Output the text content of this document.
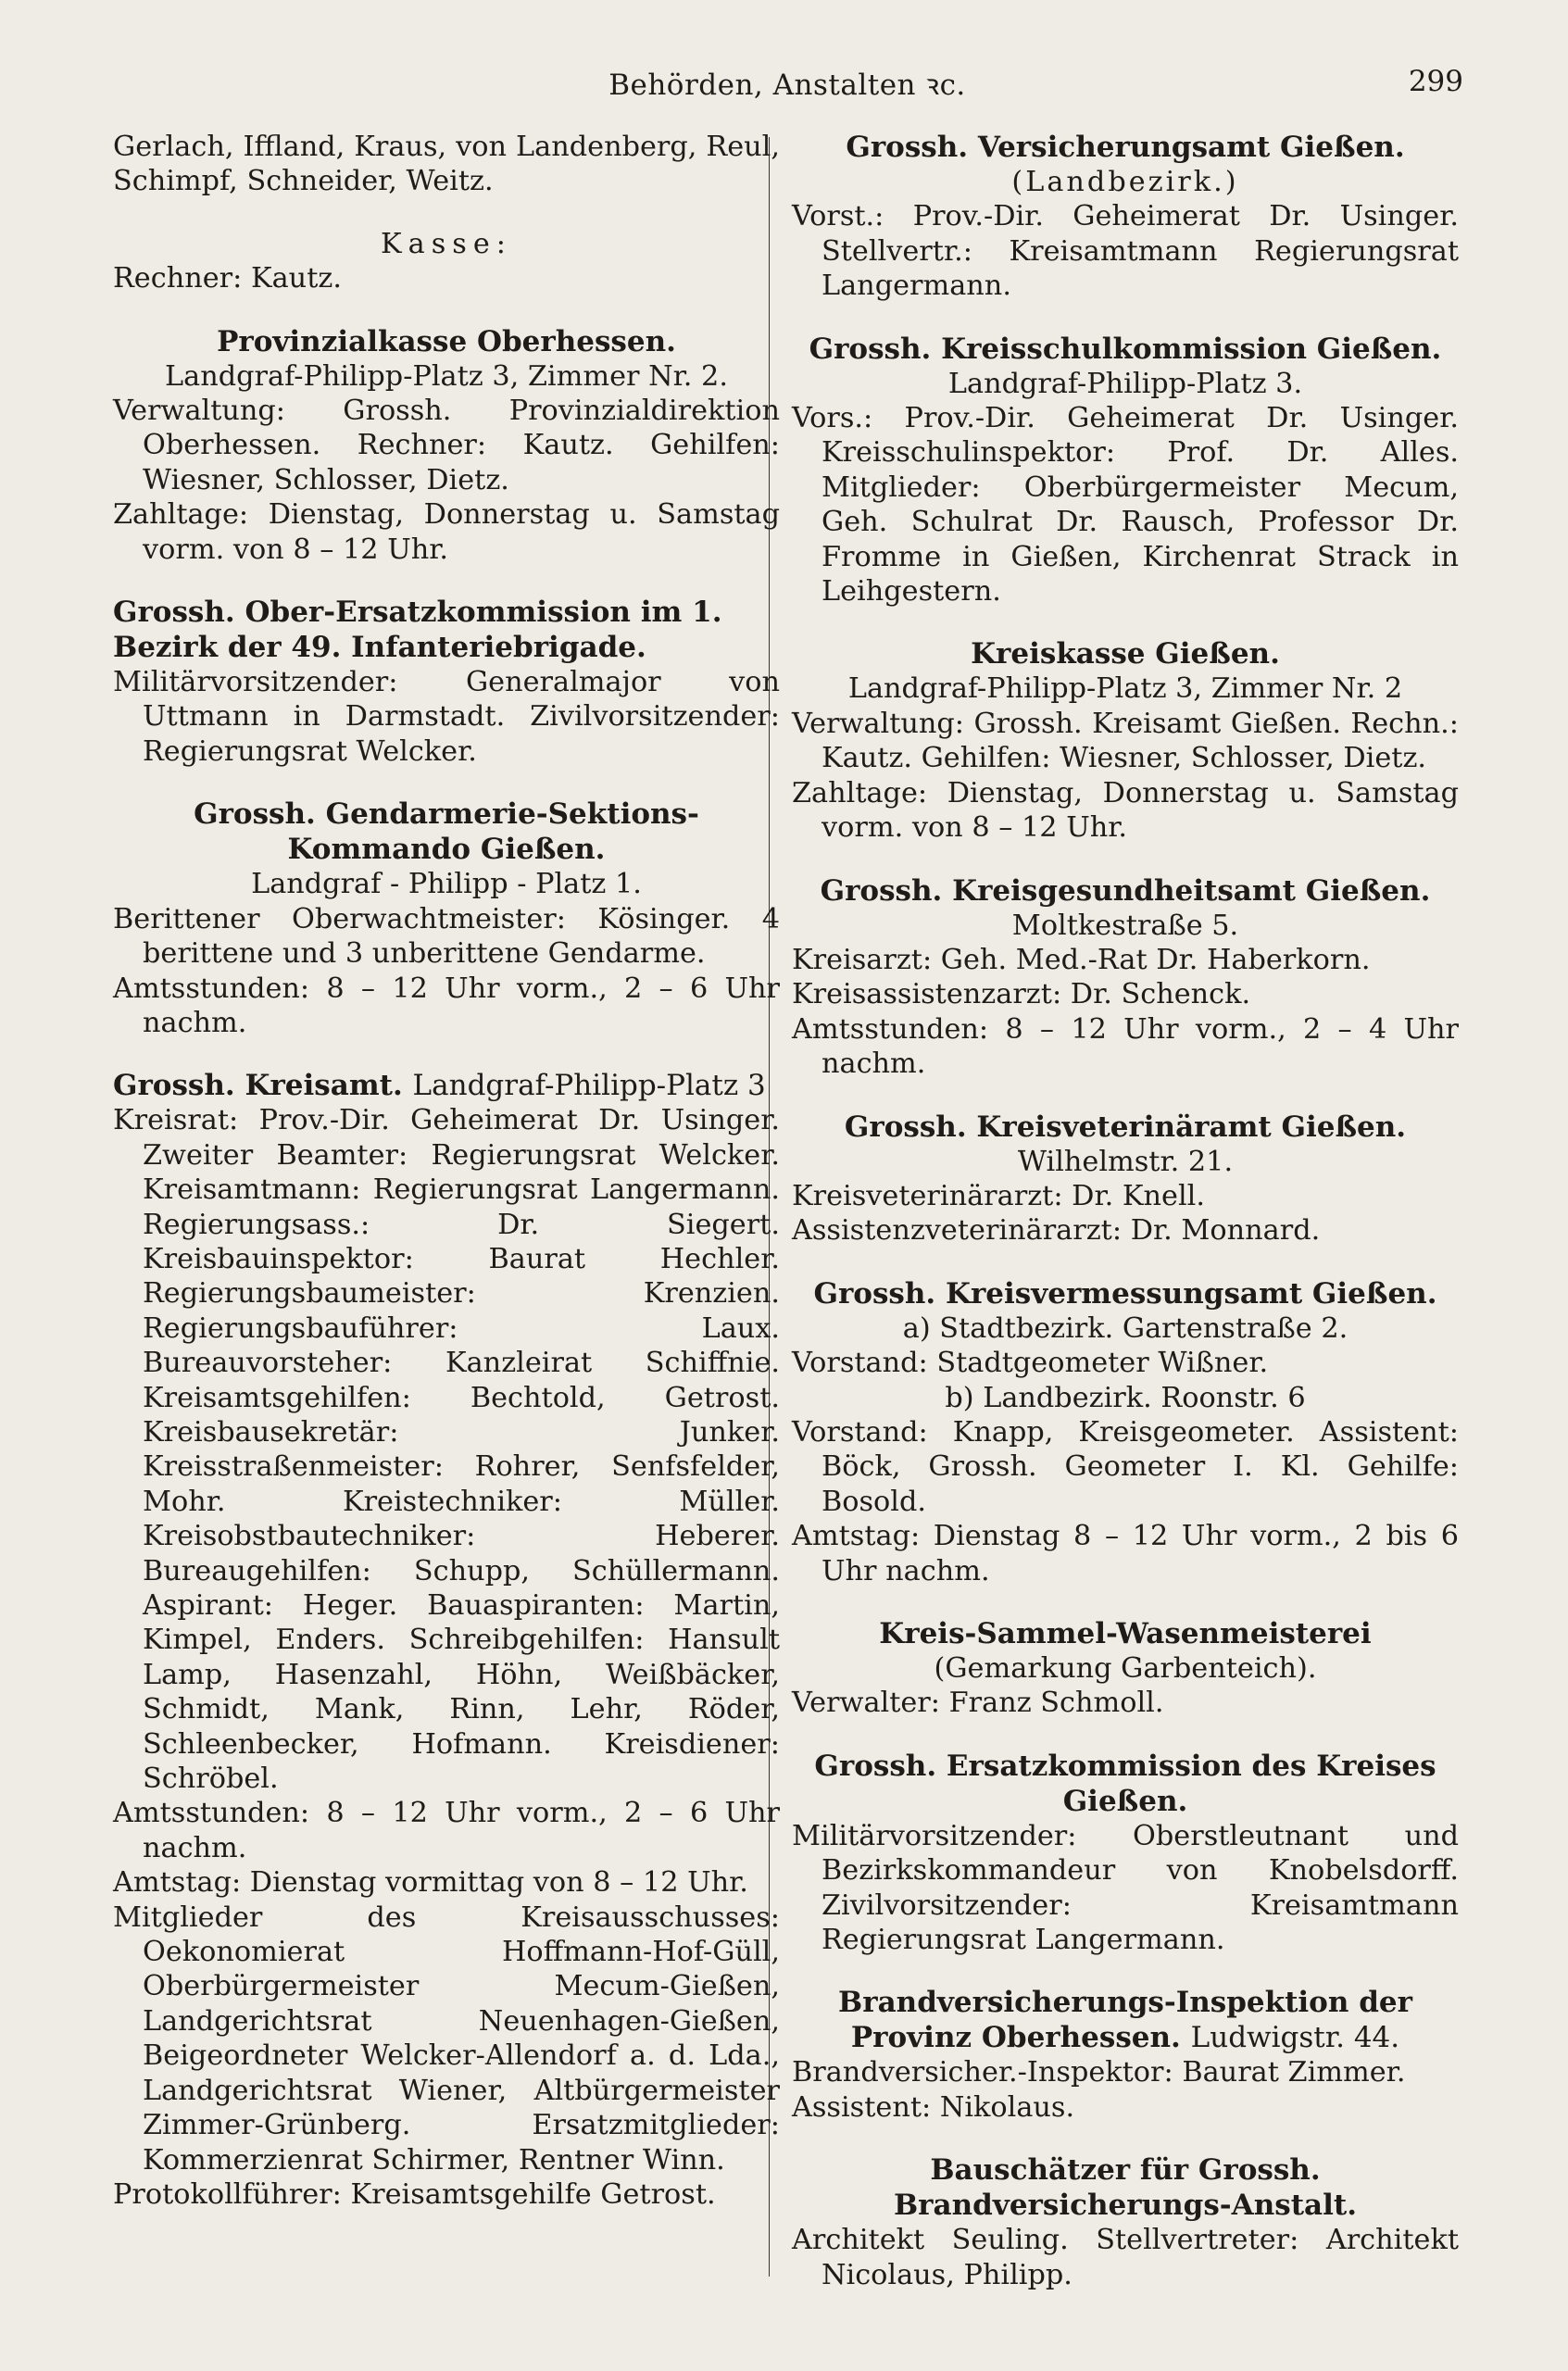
Behörden, Anstalten ꝛc.	299

Gerlach, Iffland, Kraus, von Landenberg, Reul, Schimpf, Schneider, Weitz.

Kasse:

Rechner: Kautz.

Provinzialkasse Oberhessen.

Landgraf-Philipp-Platz 3, Zimmer Nr. 2.

Verwaltung: Grossh. Provinzialdirektion Oberhessen. Rechner: Kautz. Gehilfen: Wiesner, Schlosser, Dietz.

Zahltage: Dienstag, Donnerstag u. Samstag vorm. von 8 – 12 Uhr.

Grossh. Ober-Ersatzkommission im 1. Bezirk der 49. Infanteriebrigade.

Militärvorsitzender: Generalmajor von Uttmann in Darmstadt. Zivilvorsitzender: Regierungsrat Welcker.

Grossh. Gendarmerie-Sektions-Kommando Gießen.

Landgraf - Philipp - Platz 1.

Berittener Oberwachtmeister: Kösinger. 4 berittene und 3 unberittene Gendarme.

Amtsstunden: 8 – 12 Uhr vorm., 2 – 6 Uhr nachm.

Grossh. Kreisamt. Landgraf-Philipp-Platz 3

Kreisrat: Prov.-Dir. Geheimerat Dr. Usinger. Zweiter Beamter: Regierungsrat Welcker. Kreisamtmann: Regierungsrat Langermann. Regierungsass.: Dr. Siegert. Kreisbauinspektor: Baurat Hechler. Regierungsbaumeister: Krenzien. Regierungsbauführer: Laux. Bureauvorsteher: Kanzleirat Schiffnie. Kreisamtsgehilfen: Bechtold, Getrost. Kreisbausekretär: Junker. Kreisstraßenmeister: Rohrer, Senfsfelder, Mohr. Kreistechniker: Müller. Kreisobstbautechniker: Heberer. Bureaugehilfen: Schupp, Schüllermann. Aspirant: Heger. Bauaspiranten: Martin, Kimpel, Enders. Schreibgehilfen: Hansult Lamp, Hasenzahl, Höhn, Weißbäcker, Schmidt, Mank, Rinn, Lehr, Röder, Schleenbecker, Hofmann. Kreisdiener: Schröbel.

Amtsstunden: 8 – 12 Uhr vorm., 2 – 6 Uhr nachm.

Amtstag: Dienstag vormittag von 8 – 12 Uhr.

Mitglieder des Kreisausschusses: Oekonomierat Hoffmann-Hof-Güll, Oberbürgermeister Mecum-Gießen, Landgerichtsrat Neuenhagen-Gießen, Beigeordneter Welcker-Allendorf a. d. Lda., Landgerichtsrat Wiener, Altbürgermeister Zimmer-Grünberg. Ersatzmitglieder: Kommerzienrat Schirmer, Rentner Winn.

Protokollführer: Kreisamtsgehilfe Getrost.

Grossh. Versicherungsamt Gießen.

(Landbezirk.)

Vorst.: Prov.-Dir. Geheimerat Dr. Usinger. Stellvertr.: Kreisamtmann Regierungsrat Langermann.

Grossh. Kreisschulkommission Gießen.

Landgraf-Philipp-Platz 3.

Vors.: Prov.-Dir. Geheimerat Dr. Usinger. Kreisschulinspektor: Prof. Dr. Alles. Mitglieder: Oberbürgermeister Mecum, Geh. Schulrat Dr. Rausch, Professor Dr. Fromme in Gießen, Kirchenrat Strack in Leihgestern.

Kreiskasse Gießen.

Landgraf-Philipp-Platz 3, Zimmer Nr. 2

Verwaltung: Grossh. Kreisamt Gießen. Rechn.: Kautz. Gehilfen: Wiesner, Schlosser, Dietz.

Zahltage: Dienstag, Donnerstag u. Samstag vorm. von 8 – 12 Uhr.

Grossh. Kreisgesundheitsamt Gießen.

Moltkestraße 5.

Kreisarzt: Geh. Med.-Rat Dr. Haberkorn.

Kreisassistenzarzt: Dr. Schenck.

Amtsstunden: 8 – 12 Uhr vorm., 2 – 4 Uhr nachm.

Grossh. Kreisveterinäramt Gießen.

Wilhelmstr. 21.

Kreisveterinärarzt: Dr. Knell.

Assistenzveterinärarzt: Dr. Monnard.

Grossh. Kreisvermessungsamt Gießen.

a) Stadtbezirk. Gartenstraße 2.

Vorstand: Stadtgeometer Wißner.

b) Landbezirk. Roonstr. 6

Vorstand: Knapp, Kreisgeometer. Assistent: Böck, Grossh. Geometer I. Kl. Gehilfe: Bosold.

Amtstag: Dienstag 8 – 12 Uhr vorm., 2 bis 6 Uhr nachm.

Kreis-Sammel-Wasenmeisterei

(Gemarkung Garbenteich).

Verwalter: Franz Schmoll.

Grossh. Ersatzkommission des Kreises Gießen.

Militärvorsitzender: Oberstleutnant und Bezirkskommandeur von Knobelsdorff. Zivilvorsitzender: Kreisamtmann Regierungsrat Langermann.

Brandversicherungs-Inspektion der Provinz Oberhessen. Ludwigstr. 44.

Brandversicher.-Inspektor: Baurat Zimmer.

Assistent: Nikolaus.

Bauschätzer für Grossh. Brandversicherungs-Anstalt.

Architekt Seuling. Stellvertreter: Architekt Nicolaus, Philipp.
